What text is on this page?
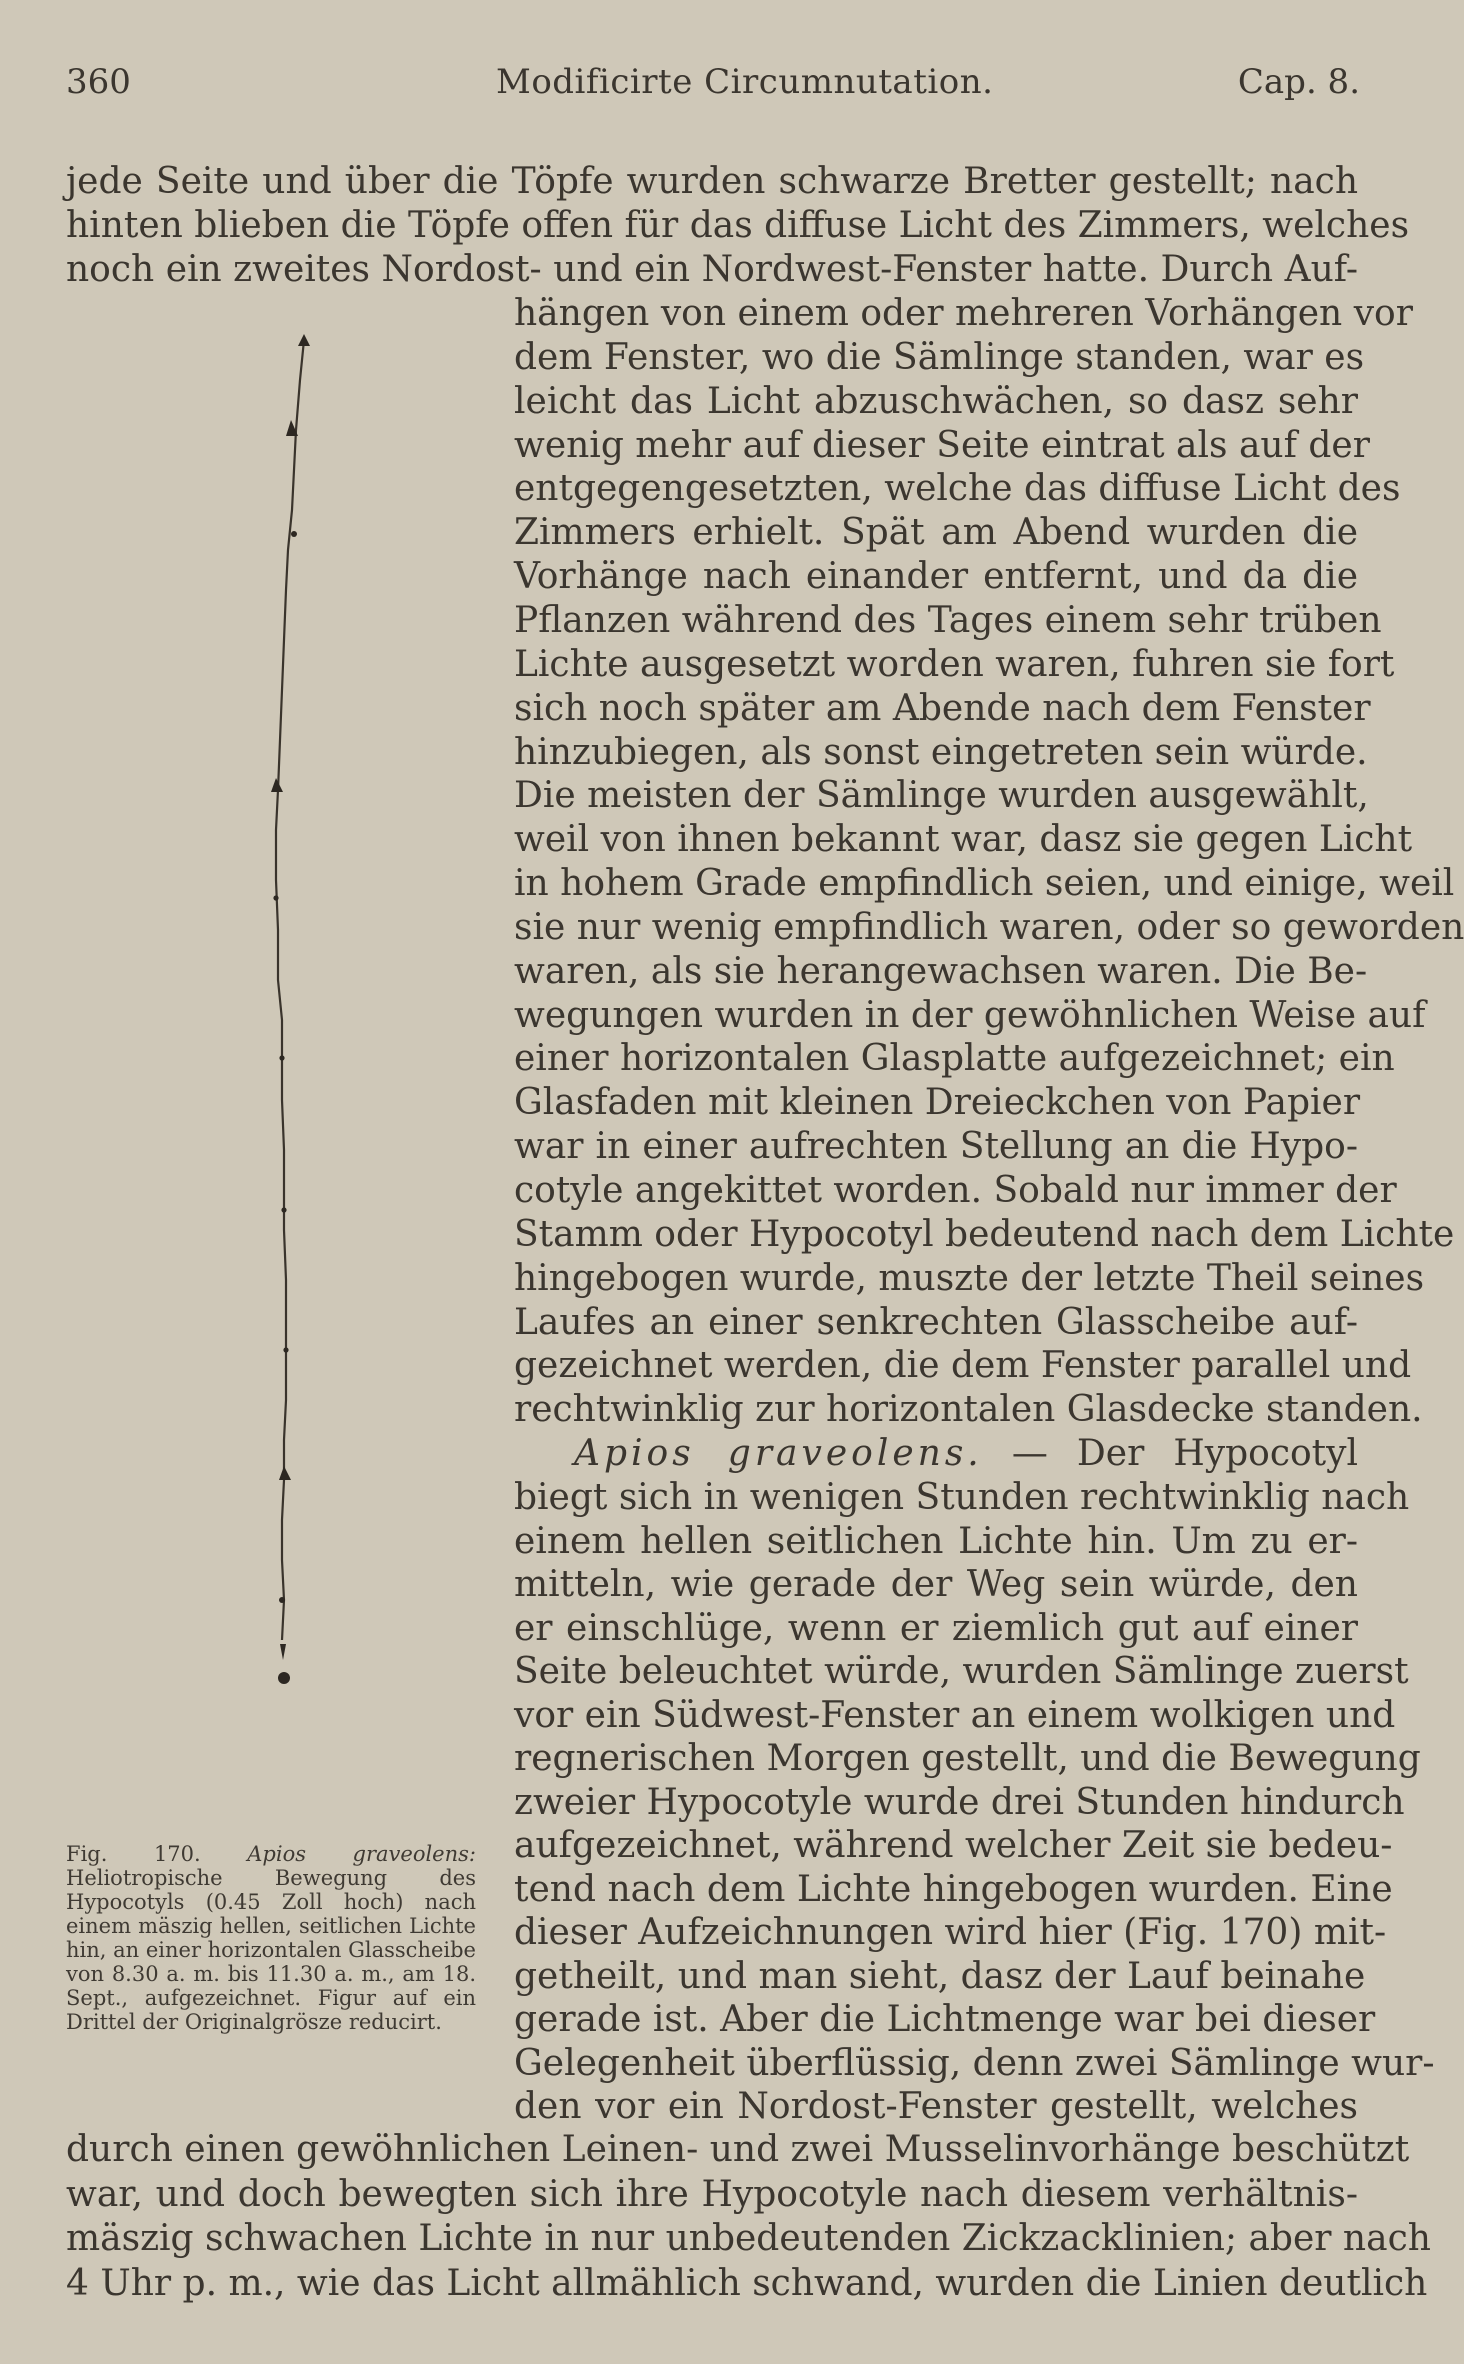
360	Modificirte Circumnutation.	Cap. 8.
jede Seite und über die Töpfe wurden schwarze Bretter gestellt; nach
hinten blieben die Töpfe offen für das diffuse Licht des Zimmers, welches
noch ein zweites Nordost- und ein Nordwest-Fenster hatte. Durch Auf-
hängen von einem oder mehreren Vorhängen vor
dem Fenster, wo die Sämlinge standen, war es
leicht das Licht abzuschwächen, so dasz sehr
wenig mehr auf dieser Seite eintrat als auf der
entgegengesetzten, welche das diffuse Licht des
Zimmers erhielt. Spät am Abend wurden die
Vorhänge nach einander entfernt, und da die
Pflanzen während des Tages einem sehr trüben
Lichte ausgesetzt worden waren, fuhren sie fort
sich noch später am Abende nach dem Fenster
hinzubiegen, als sonst eingetreten sein würde.
Die meisten der Sämlinge wurden ausgewählt,
weil von ihnen bekannt war, dasz sie gegen Licht
in hohem Grade empfindlich seien, und einige, weil
sie nur wenig empfindlich waren, oder so geworden
waren, als sie herangewachsen waren. Die Be-
wegungen wurden in der gewöhnlichen Weise auf
einer horizontalen Glasplatte aufgezeichnet; ein
Glasfaden mit kleinen Dreieckchen von Papier
war in einer aufrechten Stellung an die Hypo-
cotyle angekittet worden. Sobald nur immer der
Stamm oder Hypocotyl bedeutend nach dem Lichte
hingebogen wurde, muszte der letzte Theil seines
Laufes an einer senkrechten Glasscheibe auf-
gezeichnet werden, die dem Fenster parallel und
rechtwinklig zur horizontalen Glasdecke standen.
Apios graveolens. — Der Hypocotyl
biegt sich in wenigen Stunden rechtwinklig nach
einem hellen seitlichen Lichte hin. Um zu er-
mitteln, wie gerade der Weg sein würde, den
er einschlüge, wenn er ziemlich gut auf einer
Seite beleuchtet würde, wurden Sämlinge zuerst
vor ein Südwest-Fenster an einem wolkigen und
regnerischen Morgen gestellt, und die Bewegung
zweier Hypocotyle wurde drei Stunden hindurch
aufgezeichnet, während welcher Zeit sie bedeu-
tend nach dem Lichte hingebogen wurden. Eine
dieser Aufzeichnungen wird hier (Fig. 170) mit-
getheilt, und man sieht, dasz der Lauf beinahe
gerade ist. Aber die Lichtmenge war bei dieser
Gelegenheit überflüssig, denn zwei Sämlinge wur-
den vor ein Nordost-Fenster gestellt, welches
durch einen gewöhnlichen Leinen- und zwei Musselinvorhänge beschützt
war, und doch bewegten sich ihre Hypocotyle nach diesem verhältnis-
mäszig schwachen Lichte in nur unbedeutenden Zickzacklinien; aber nach
4 Uhr p. m., wie das Licht allmählich schwand, wurden die Linien deutlich
Fig. 170. Apios graveolens: Heliotropische Bewegung des Hypocotyls (0.45 Zoll hoch) nach einem mäszig hellen, seitlichen Lichte hin, an einer horizontalen Glasscheibe von 8.30 a. m. bis 11.30 a. m., am 18. Sept., aufgezeichnet. Figur auf ein Drittel der Originalgrösze reducirt.
